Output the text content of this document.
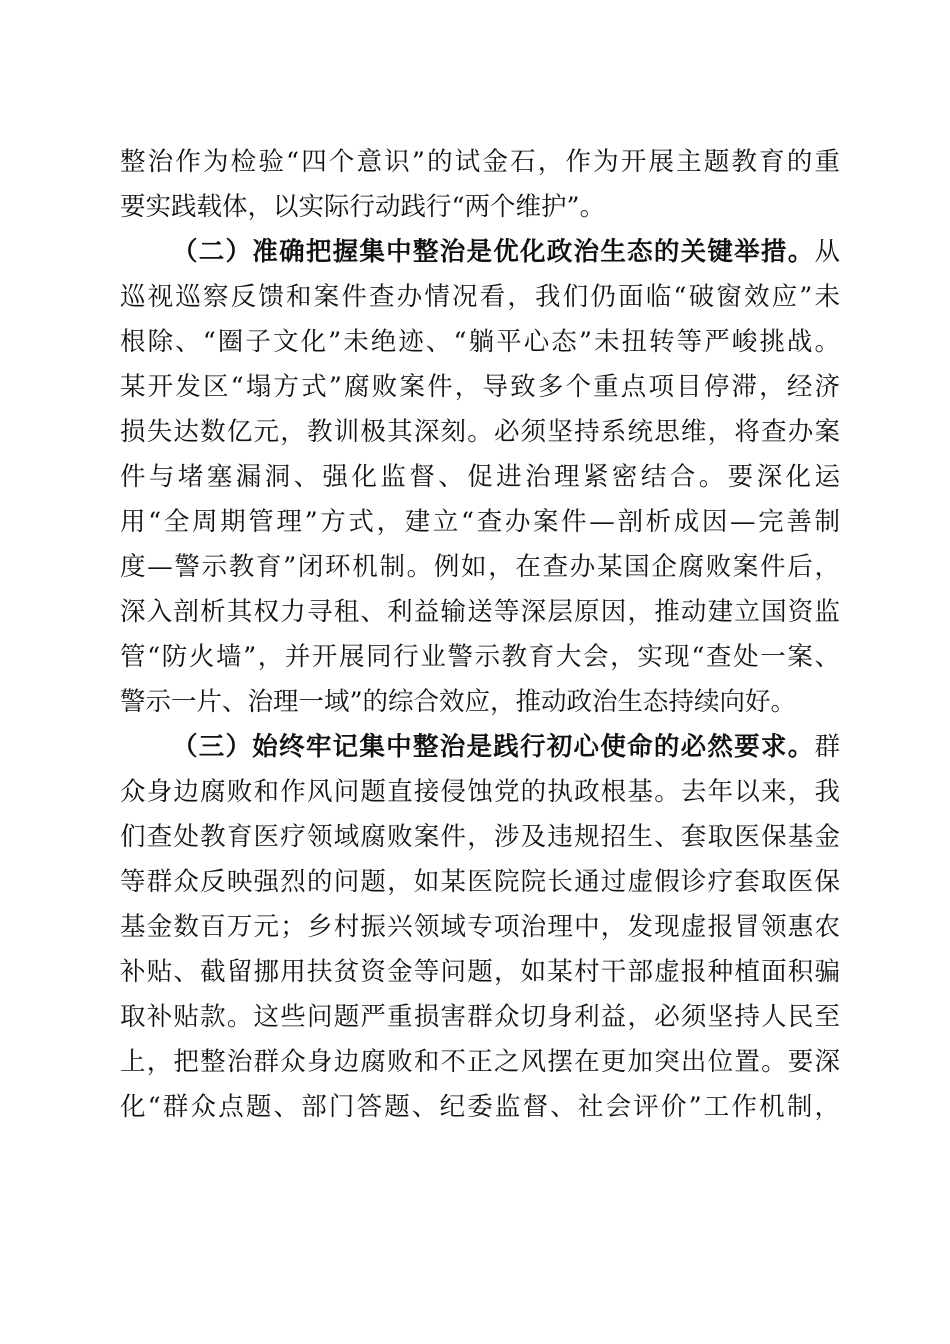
整治作为检验“四个意识”的试金石，作为开展主题教育的重
要实践载体，以实际行动践行“两个维护”。
（二）准确把握集中整治是优化政治生态的关键举措。从
巡视巡察反馈和案件查办情况看，我们仍面临“破窗效应”未
根除、“圈子文化”未绝迹、“躺平心态”未扭转等严峻挑战。
某开发区“塌方式”腐败案件，导致多个重点项目停滞，经济
损失达数亿元，教训极其深刻。必须坚持系统思维，将查办案
件与堵塞漏洞、强化监督、促进治理紧密结合。要深化运
用“全周期管理”方式，建立“查办案件—剖析成因—完善制
度—警示教育”闭环机制。例如，在查办某国企腐败案件后，
深入剖析其权力寻租、利益输送等深层原因，推动建立国资监
管“防火墙”，并开展同行业警示教育大会，实现“查处一案、
警示一片、治理一域”的综合效应，推动政治生态持续向好。
（三）始终牢记集中整治是践行初心使命的必然要求。群
众身边腐败和作风问题直接侵蚀党的执政根基。去年以来，我
们查处教育医疗领域腐败案件，涉及违规招生、套取医保基金
等群众反映强烈的问题，如某医院院长通过虚假诊疗套取医保
基金数百万元；乡村振兴领域专项治理中，发现虚报冒领惠农
补贴、截留挪用扶贫资金等问题，如某村干部虚报种植面积骗
取补贴款。这些问题严重损害群众切身利益，必须坚持人民至
上，把整治群众身边腐败和不正之风摆在更加突出位置。要深
化“群众点题、部门答题、纪委监督、社会评价”工作机制，
